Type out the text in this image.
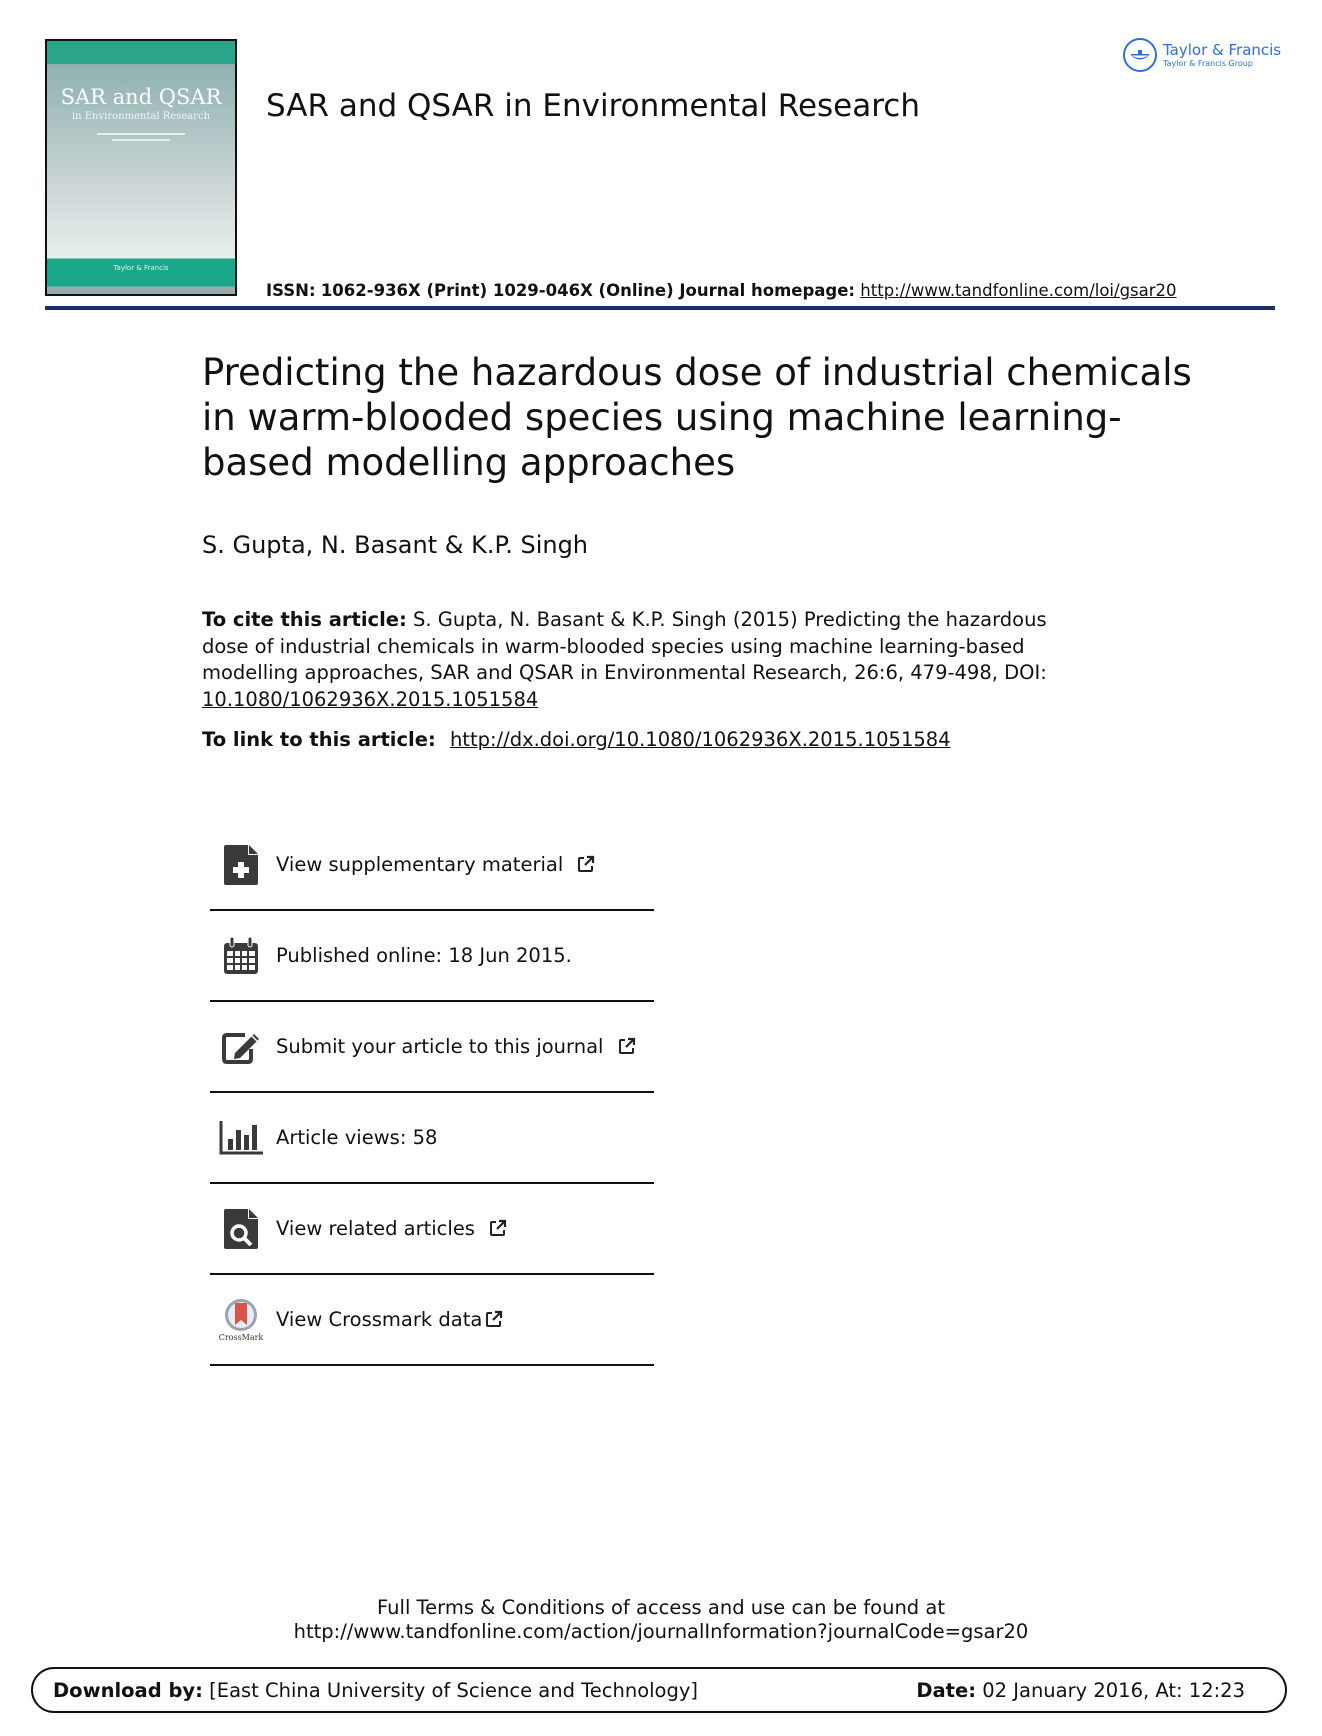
SAR and QSAR
in Environmental Research
Taylor & Francis
SAR and QSAR in Environmental Research
ISSN: 1062-936X (Print) 1029-046X (Online) Journal homepage: http://www.tandfonline.com/loi/gsar20
Taylor & Francis
Taylor & Francis Group
Predicting the hazardous dose of industrial chemicals in warm-blooded species using machine learning-based modelling approaches
S. Gupta, N. Basant & K.P. Singh
To cite this article: S. Gupta, N. Basant & K.P. Singh (2015) Predicting the hazardous dose of industrial chemicals in warm-blooded species using machine learning-based modelling approaches, SAR and QSAR in Environmental Research, 26:6, 479-498, DOI:
10.1080/1062936X.2015.1051584
To link to this article: http://dx.doi.org/10.1080/1062936X.2015.1051584
View supplementary material
Published online: 18 Jun 2015.
Submit your article to this journal
Article views: 58
View related articles
CrossMark
View Crossmark data
Full Terms & Conditions of access and use can be found at
http://www.tandfonline.com/action/journalInformation?journalCode=gsar20
Download by: [East China University of Science and Technology]	Date: 02 January 2016, At: 12:23
